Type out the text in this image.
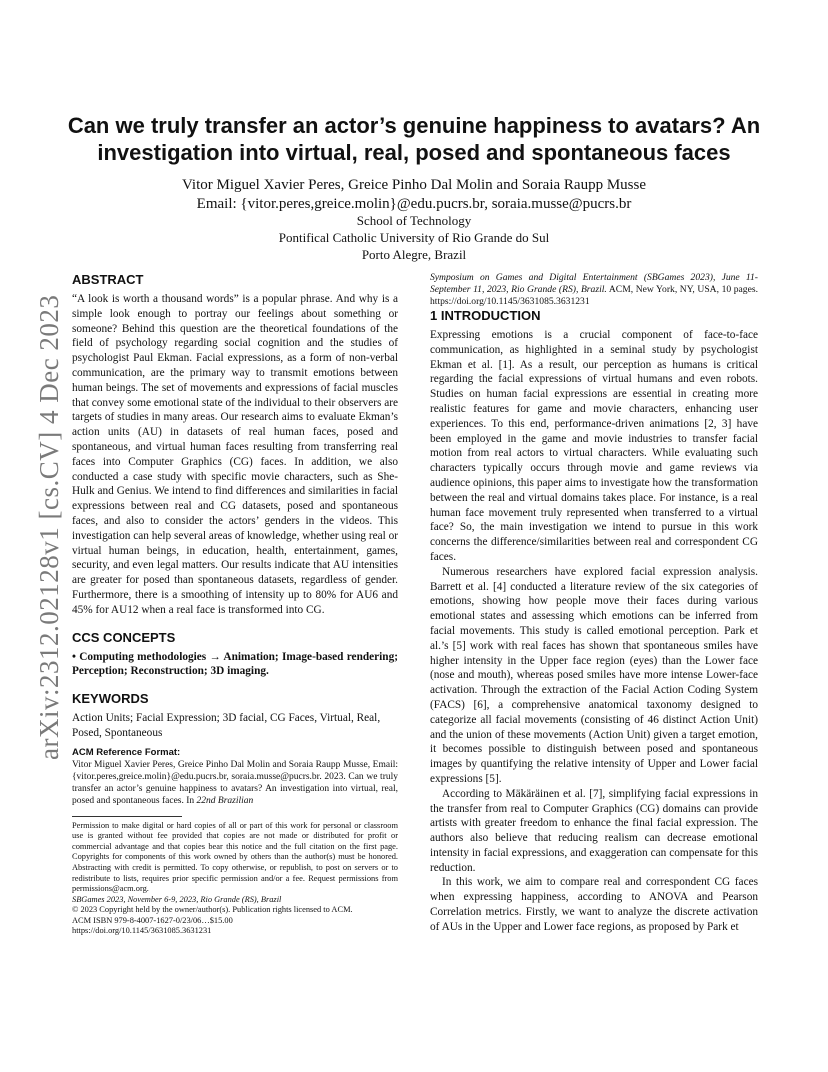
arXiv:2312.02128v1 [cs.CV] 4 Dec 2023
Can we truly transfer an actor’s genuine happiness to avatars? An investigation into virtual, real, posed and spontaneous faces
Vitor Miguel Xavier Peres, Greice Pinho Dal Molin and Soraia Raupp Musse
Email: {vitor.peres,greice.molin}@edu.pucrs.br, soraia.musse@pucrs.br
School of Technology
Pontifical Catholic University of Rio Grande do Sul
Porto Alegre, Brazil
ABSTRACT

“A look is worth a thousand words” is a popular phrase. And why is a simple look enough to portray our feelings about something or someone? Behind this question are the theoretical foundations of the field of psychology regarding social cognition and the studies of psychologist Paul Ekman. Facial expressions, as a form of non-verbal communication, are the primary way to transmit emotions between human beings. The set of movements and expressions of facial muscles that convey some emotional state of the individual to their observers are targets of studies in many areas. Our research aims to evaluate Ekman’s action units (AU) in datasets of real human faces, posed and spontaneous, and virtual human faces resulting from transferring real faces into Computer Graphics (CG) faces. In addition, we also conducted a case study with specific movie characters, such as She-Hulk and Genius. We intend to find differences and similarities in facial expressions between real and CG datasets, posed and spontaneous faces, and also to consider the actors’ genders in the videos. This investigation can help several areas of knowledge, whether using real or virtual human beings, in education, health, entertainment, games, security, and even legal matters. Our results indicate that AU intensities are greater for posed than spontaneous datasets, regardless of gender. Furthermore, there is a smoothing of intensity up to 80% for AU6 and 45% for AU12 when a real face is transformed into CG.

CCS CONCEPTS

• Computing methodologies → Animation; Image-based rendering; Perception; Reconstruction; 3D imaging.

KEYWORDS

Action Units; Facial Expression; 3D facial, CG Faces, Virtual, Real, Posed, Spontaneous

ACM Reference Format:
Vitor Miguel Xavier Peres, Greice Pinho Dal Molin and Soraia Raupp Musse, Email: {vitor.peres,greice.molin}@edu.pucrs.br, soraia.musse@pucrs.br. 2023. Can we truly transfer an actor’s genuine happiness to avatars? An investigation into virtual, real, posed and spontaneous faces. In 22nd Brazilian
Permission to make digital or hard copies of all or part of this work for personal or classroom use is granted without fee provided that copies are not made or distributed for profit or commercial advantage and that copies bear this notice and the full citation on the first page. Copyrights for components of this work owned by others than the author(s) must be honored. Abstracting with credit is permitted. To copy otherwise, or republish, to post on servers or to redistribute to lists, requires prior specific permission and/or a fee. Request permissions from permissions@acm.org.
SBGames 2023, November 6-9, 2023, Rio Grande (RS), Brazil
© 2023 Copyright held by the owner/author(s). Publication rights licensed to ACM.
ACM ISBN 979-8-4007-1627-0/23/06…$15.00
https://doi.org/10.1145/3631085.3631231
Symposium on Games and Digital Entertainment (SBGames 2023), June 11-September 11, 2023, Rio Grande (RS), Brazil. ACM, New York, NY, USA, 10 pages. https://doi.org/10.1145/3631085.3631231
1 INTRODUCTION

Expressing emotions is a crucial component of face-to-face communication, as highlighted in a seminal study by psychologist Ekman et al. [1]. As a result, our perception as humans is critical regarding the facial expressions of virtual humans and even robots. Studies on human facial expressions are essential in creating more realistic features for game and movie characters, enhancing user experiences. To this end, performance-driven animations [2, 3] have been employed in the game and movie industries to transfer facial motion from real actors to virtual characters. While evaluating such characters typically occurs through movie and game reviews via audience opinions, this paper aims to investigate how the transformation between the real and virtual domains takes place. For instance, is a real human face movement truly represented when transferred to a virtual face? So, the main investigation we intend to pursue in this work concerns the difference/similarities between real and correspondent CG faces.

Numerous researchers have explored facial expression analysis. Barrett et al. [4] conducted a literature review of the six categories of emotions, showing how people move their faces during various emotional states and assessing which emotions can be inferred from facial movements. This study is called emotional perception. Park et al.’s [5] work with real faces has shown that spontaneous smiles have higher intensity in the Upper face region (eyes) than the Lower face (nose and mouth), whereas posed smiles have more intense Lower-face activation. Through the extraction of the Facial Action Coding System (FACS) [6], a comprehensive anatomical taxonomy designed to categorize all facial movements (consisting of 46 distinct Action Unit) and the union of these movements (Action Unit) given a target emotion, it becomes possible to distinguish between posed and spontaneous images by quantifying the relative intensity of Upper and Lower facial expressions [5].

According to Mäkäräinen et al. [7], simplifying facial expressions in the transfer from real to Computer Graphics (CG) domains can provide artists with greater freedom to enhance the final facial expression. The authors also believe that reducing realism can decrease emotional intensity in facial expressions, and exaggeration can compensate for this reduction.

In this work, we aim to compare real and correspondent CG faces when expressing happiness, according to ANOVA and Pearson Correlation metrics. Firstly, we want to analyze the discrete activation of AUs in the Upper and Lower face regions, as proposed by Park et
